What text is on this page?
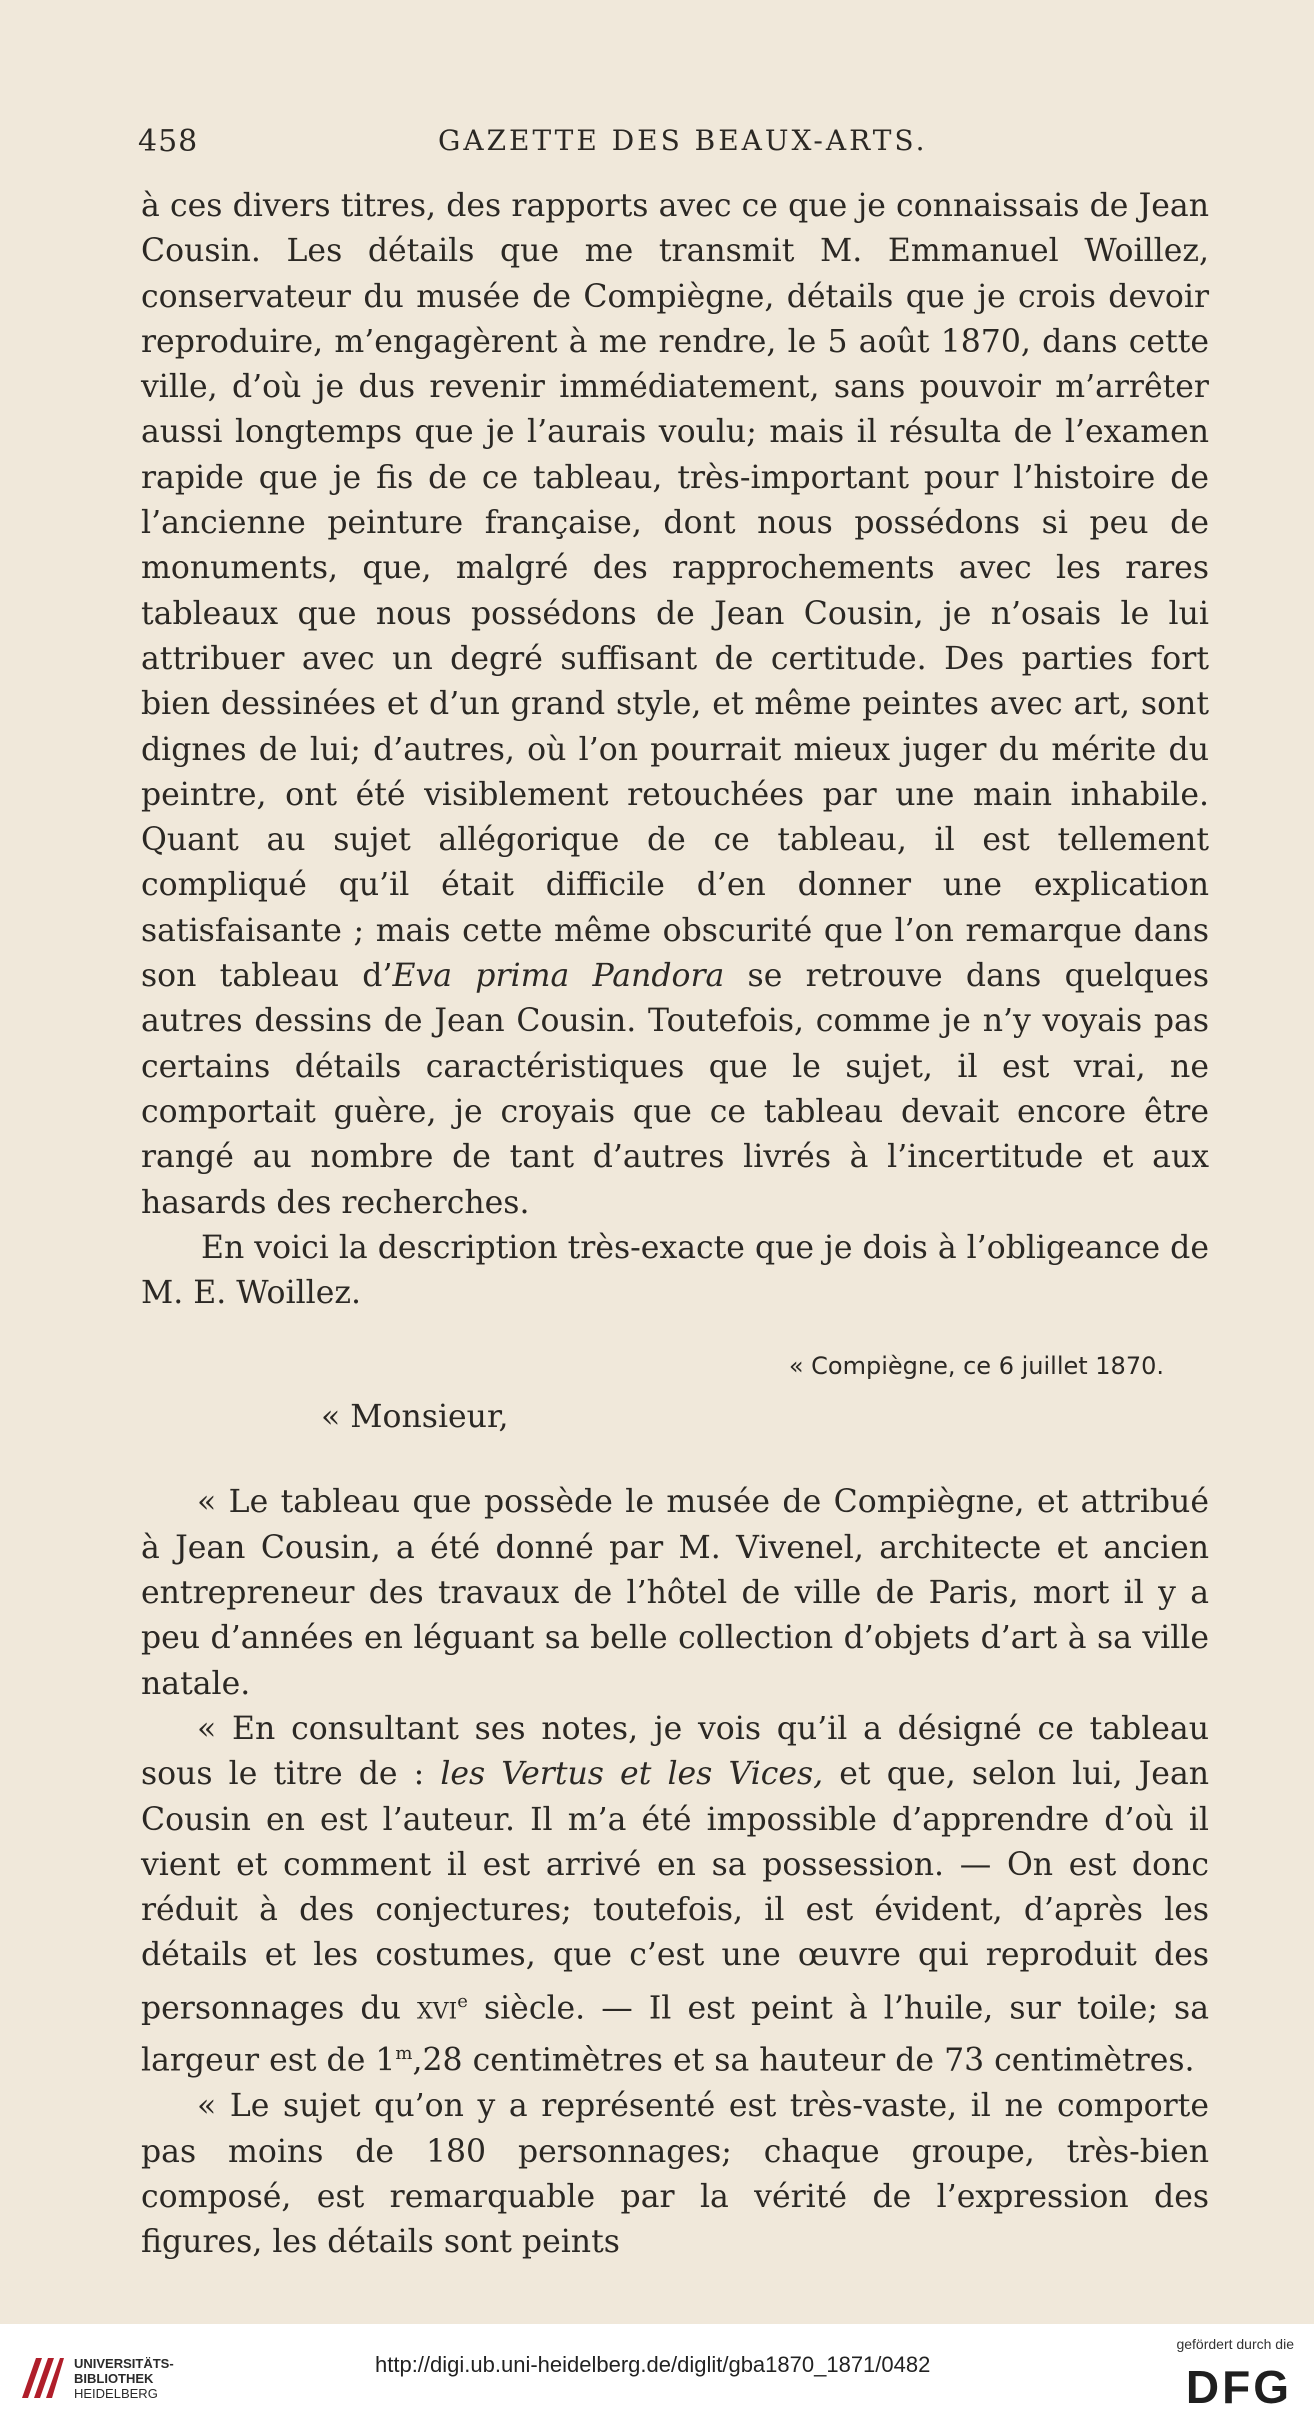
458	GAZETTE DES BEAUX-ARTS.

à ces divers titres, des rapports avec ce que je connaissais de Jean Cousin. Les détails que me transmit M. Emmanuel Woillez, conservateur du musée de Compiègne, détails que je crois devoir reproduire, m’engagèrent à me rendre, le 5 août 1870, dans cette ville, d’où je dus revenir immédiatement, sans pouvoir m’arrêter aussi longtemps que je l’aurais voulu; mais il résulta de l’examen rapide que je fis de ce tableau, très-important pour l’histoire de l’ancienne peinture française, dont nous possédons si peu de monuments, que, malgré des rapprochements avec les rares tableaux que nous possédons de Jean Cousin, je n’osais le lui attribuer avec un degré suffisant de certitude. Des parties fort bien dessinées et d’un grand style, et même peintes avec art, sont dignes de lui; d’autres, où l’on pourrait mieux juger du mérite du peintre, ont été visiblement retouchées par une main inhabile. Quant au sujet allégorique de ce tableau, il est tellement compliqué qu’il était difficile d’en donner une explication satisfaisante ; mais cette même obscurité que l’on remarque dans son tableau d’Eva prima Pandora se retrouve dans quelques autres dessins de Jean Cousin. Toutefois, comme je n’y voyais pas certains détails caractéristiques que le sujet, il est vrai, ne comportait guère, je croyais que ce tableau devait encore être rangé au nombre de tant d’autres livrés à l’incertitude et aux hasards des recherches.

En voici la description très-exacte que je dois à l’obligeance de M. E. Woillez.

« Compiègne, ce 6 juillet 1870.

« Monsieur,

« Le tableau que possède le musée de Compiègne, et attribué à Jean Cousin, a été donné par M. Vivenel, architecte et ancien entrepreneur des travaux de l’hôtel de ville de Paris, mort il y a peu d’années en léguant sa belle collection d’objets d’art à sa ville natale.

« En consultant ses notes, je vois qu’il a désigné ce tableau sous le titre de : les Vertus et les Vices, et que, selon lui, Jean Cousin en est l’auteur. Il m’a été impossible d’apprendre d’où il vient et comment il est arrivé en sa possession. — On est donc réduit à des conjectures; toutefois, il est évident, d’après les détails et les costumes, que c’est une œuvre qui reproduit des personnages du xvi$^e$ siècle. — Il est peint à l’huile, sur toile; sa largeur est de 1$^m$,28 centimètres et sa hauteur de 73 centimètres.

« Le sujet qu’on y a représenté est très-vaste, il ne comporte pas moins de 180 personnages; chaque groupe, très-bien composé, est remarquable par la vérité de l’expression des figures, les détails sont peints

UNIVERSITÄTS-
BIBLIOTHEK
HEIDELBERG
http://digi.ub.uni-heidelberg.de/diglit/gba1870_1871/0482
gefördert durch die
DFG
